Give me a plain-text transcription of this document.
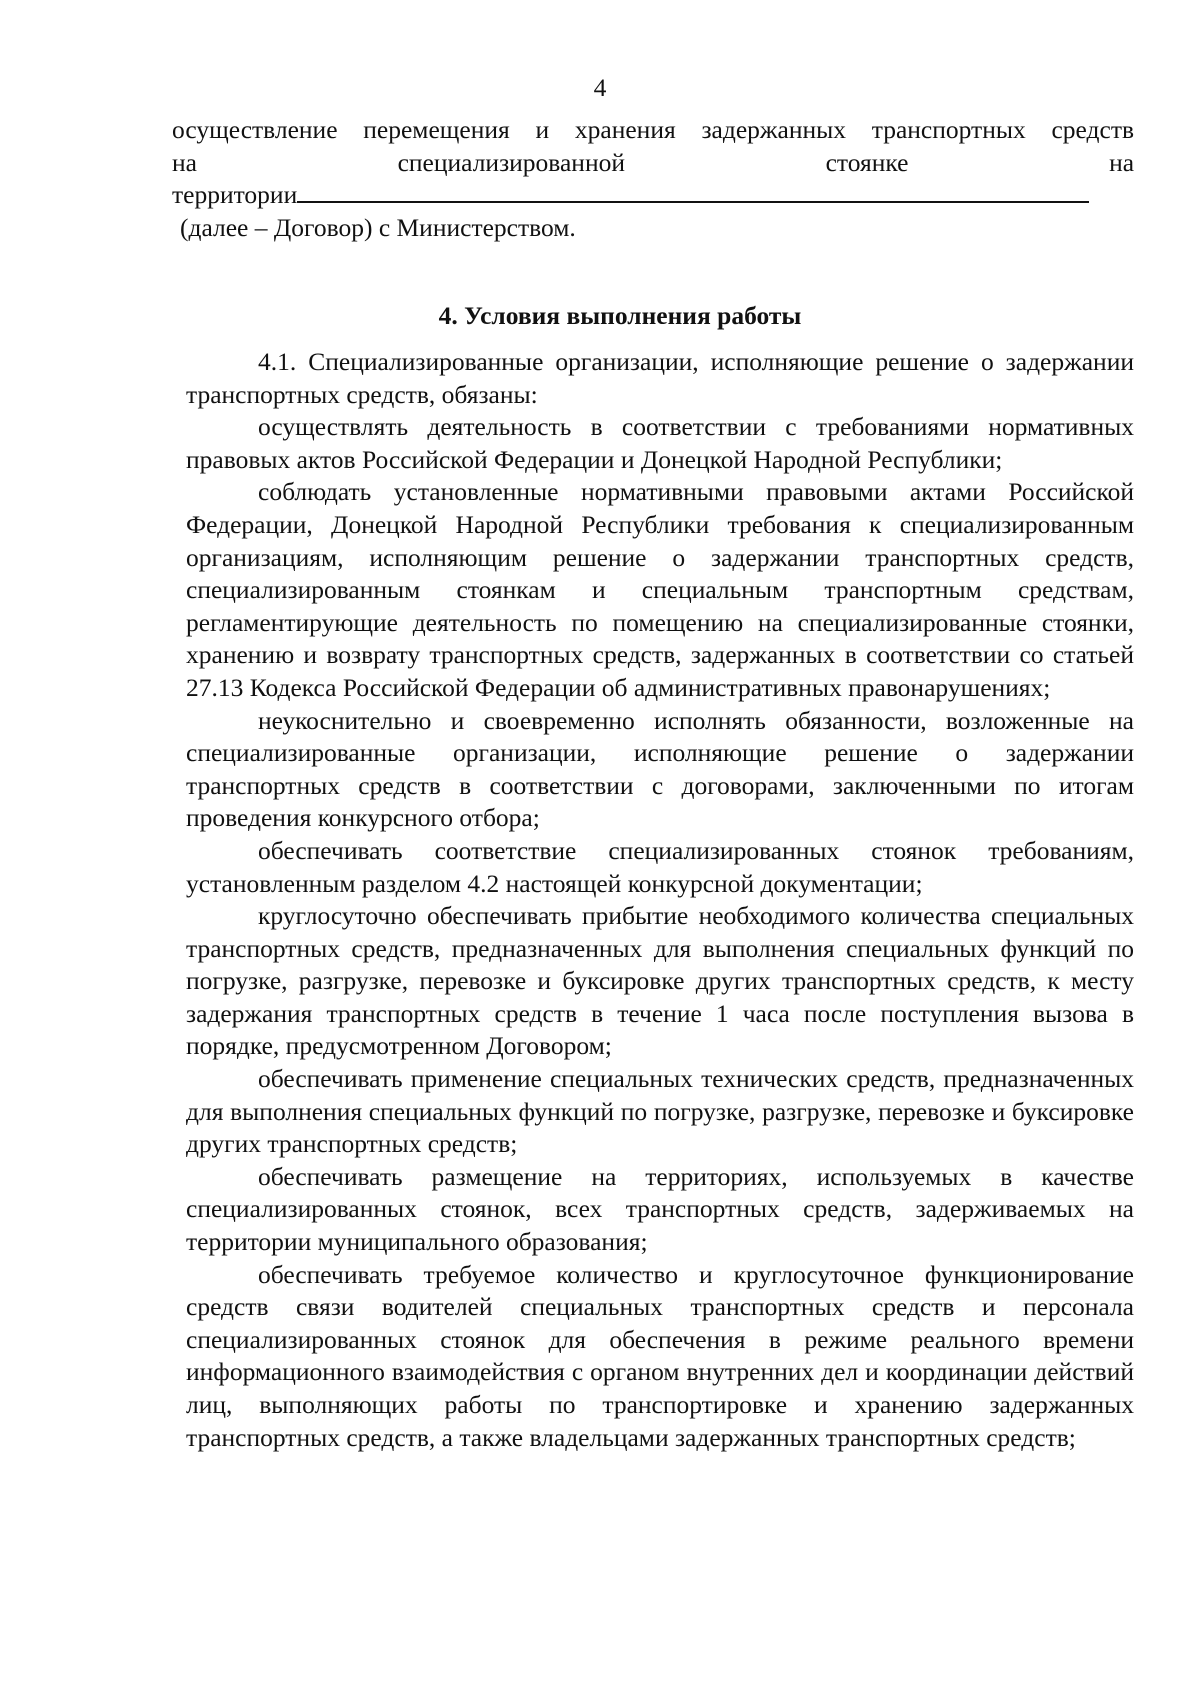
4
осуществление перемещения и хранения задержанных транспортных средств
на	специализированной	стоянке	на
территории
(далее – Договор) с Министерством.
4. Условия выполнения работы

4.1. Специализированные организации, исполняющие решение о задержании транспортных средств, обязаны:

осуществлять деятельность в соответствии с требованиями нормативных правовых актов Российской Федерации и Донецкой Народной Республики;

соблюдать установленные нормативными правовыми актами Российской Федерации, Донецкой Народной Республики требования к специализированным организациям, исполняющим решение о задержании транспортных средств, специализированным стоянкам и специальным транспортным средствам, регламентирующие деятельность по помещению на специализированные стоянки, хранению и возврату транспортных средств, задержанных в соответствии со статьей 27.13 Кодекса Российской Федерации об административных правонарушениях;

неукоснительно и своевременно исполнять обязанности, возложенные на специализированные организации, исполняющие решение о задержании транспортных средств в соответствии с договорами, заключенными по итогам проведения конкурсного отбора;

обеспечивать соответствие специализированных стоянок требованиям, установленным разделом 4.2 настоящей конкурсной документации;

круглосуточно обеспечивать прибытие необходимого количества специальных транспортных средств, предназначенных для выполнения специальных функций по погрузке, разгрузке, перевозке и буксировке других транспортных средств, к месту задержания транспортных средств в течение 1 часа после поступления вызова в порядке, предусмотренном Договором;

обеспечивать применение специальных технических средств, предназначенных для выполнения специальных функций по погрузке, разгрузке, перевозке и буксировке других транспортных средств;

обеспечивать размещение на территориях, используемых в качестве специализированных стоянок, всех транспортных средств, задерживаемых на территории муниципального образования;

обеспечивать требуемое количество и круглосуточное функционирование средств связи водителей специальных транспортных средств и персонала специализированных стоянок для обеспечения в режиме реального времени информационного взаимодействия с органом внутренних дел и координации действий лиц, выполняющих работы по транспортировке и хранению задержанных транспортных средств, а также владельцами задержанных транспортных средств;
